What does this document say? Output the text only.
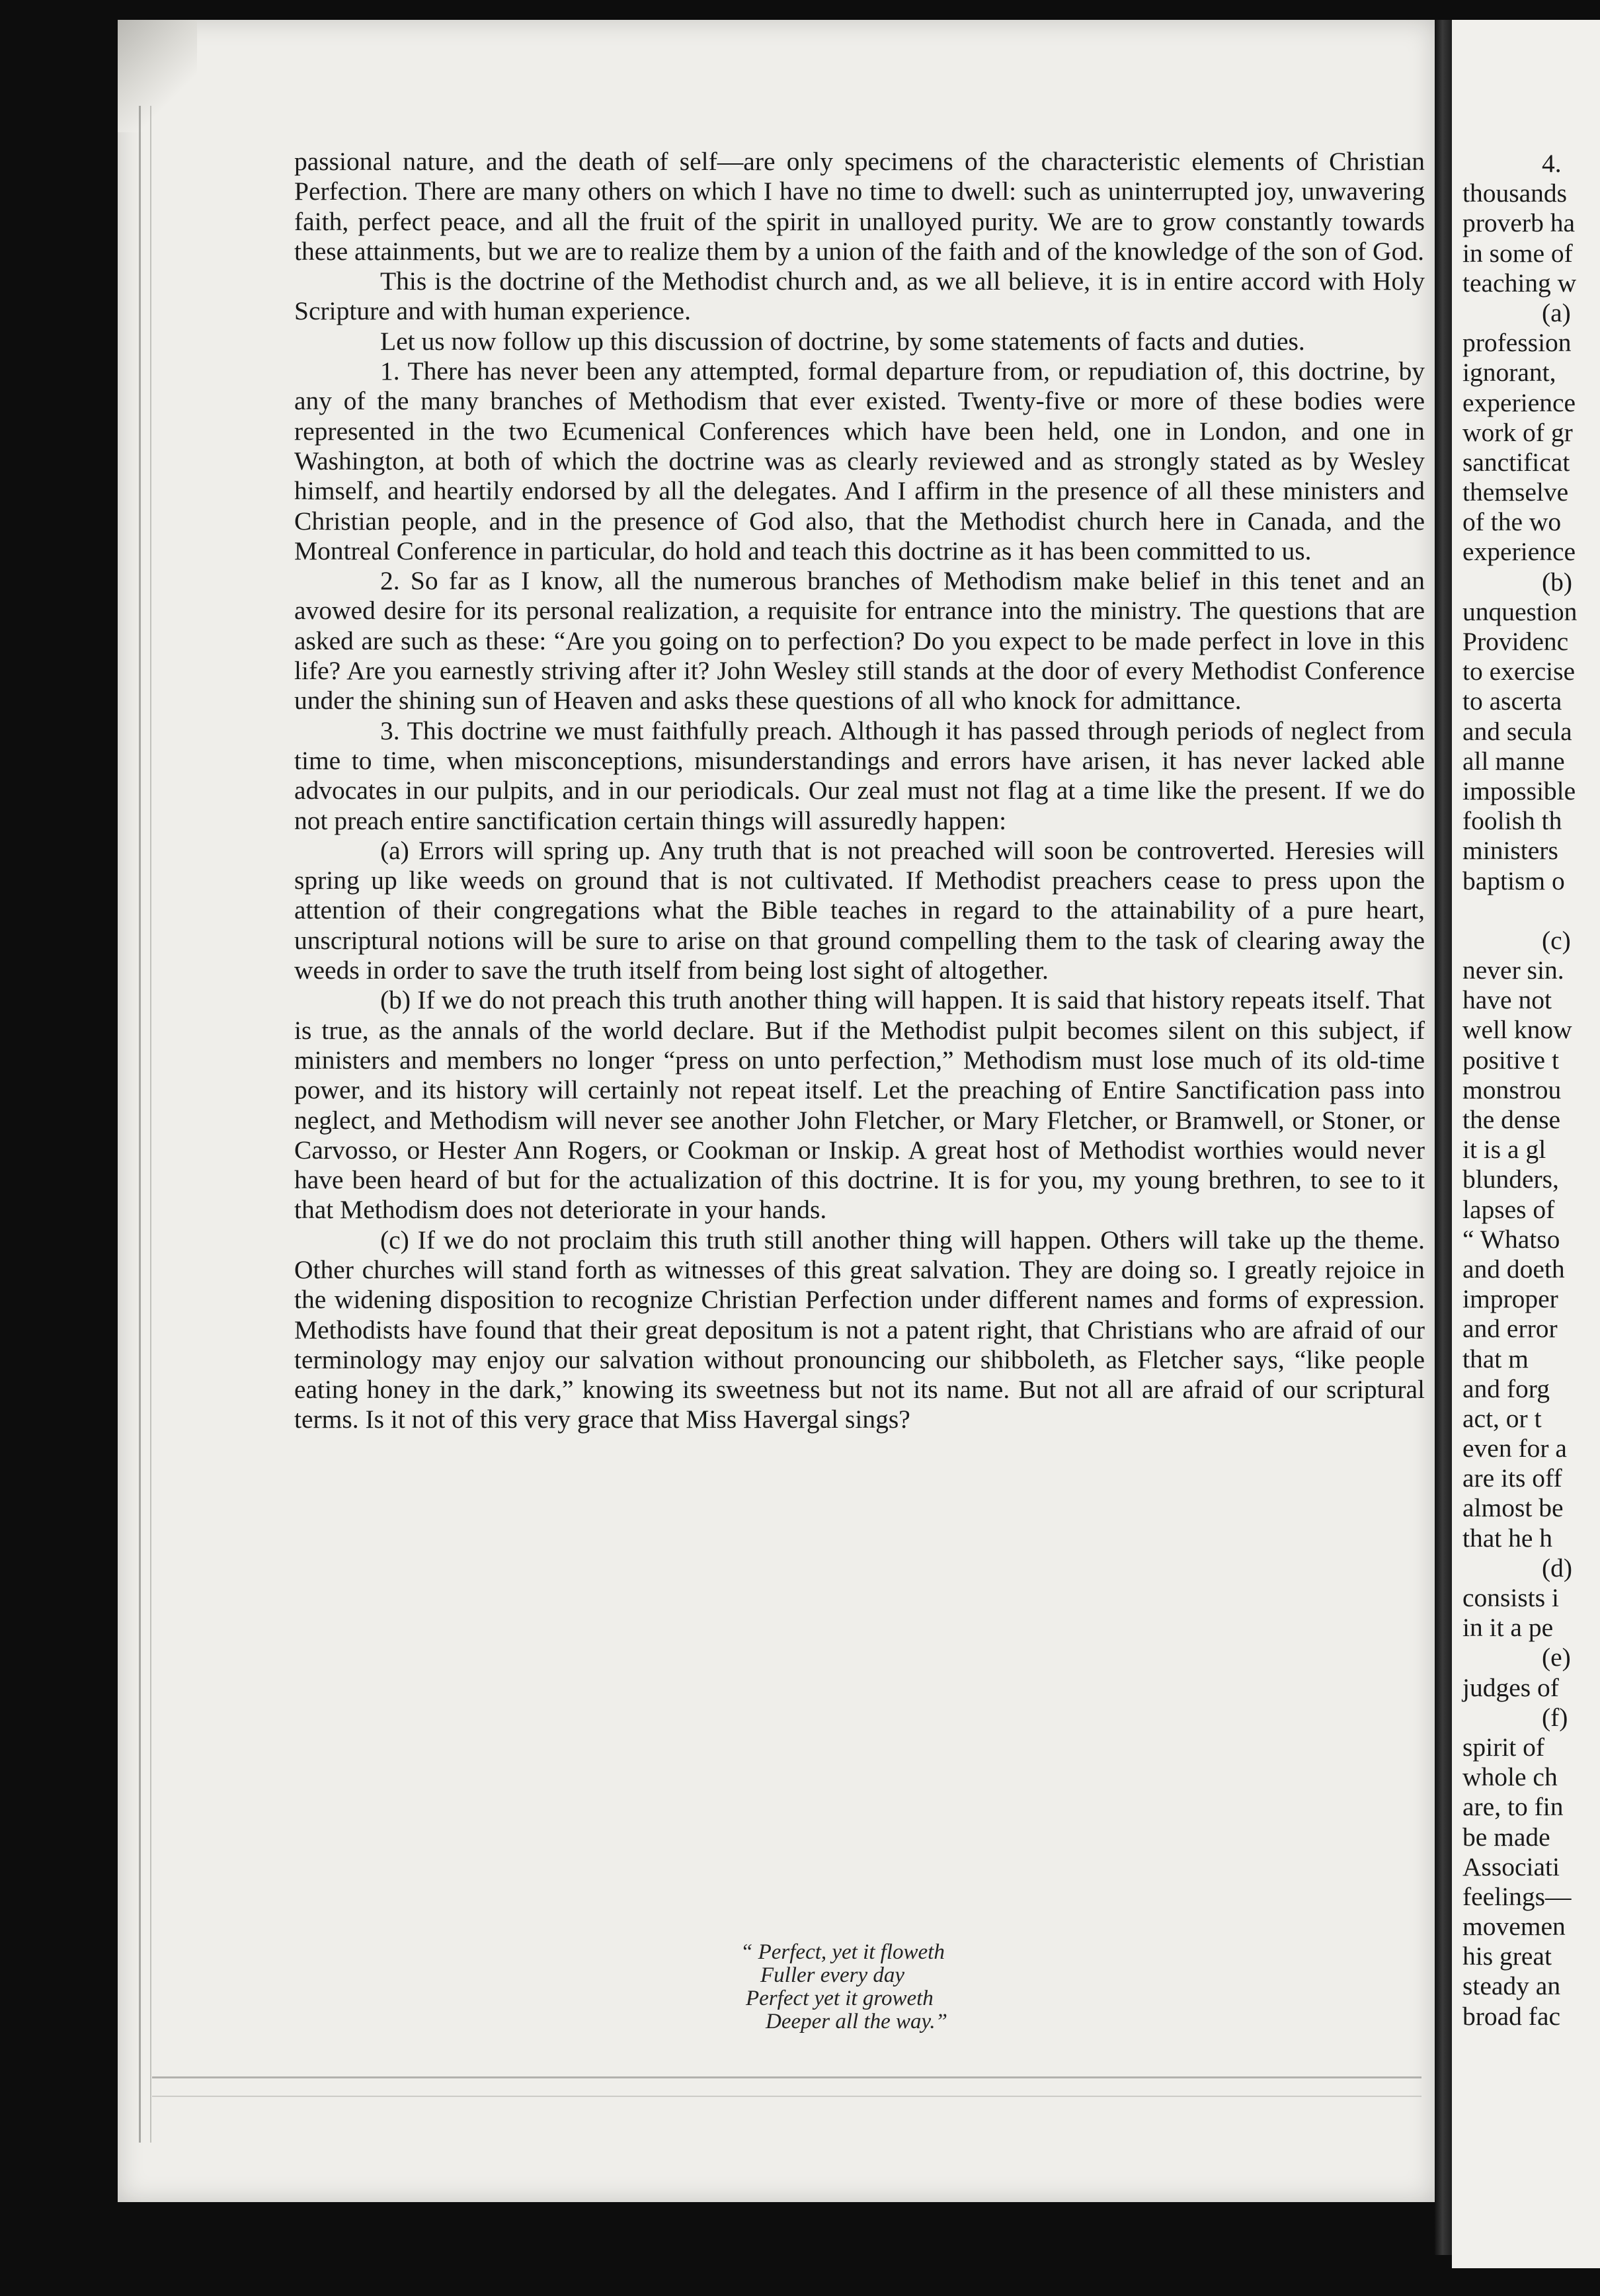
passional nature, and the death of self—are only specimens of the characteristic elements of Christian Perfection. There are many others on which I have no time to dwell: such as uninterrupted joy, unwavering faith, perfect peace, and all the fruit of the spirit in unalloyed purity. We are to grow constantly towards these attainments, but we are to realize them by a union of the faith and of the knowledge of the son of God.

This is the doctrine of the Methodist church and, as we all believe, it is in entire accord with Holy Scripture and with human experience.

Let us now follow up this discussion of doctrine, by some statements of facts and duties.

1. There has never been any attempted, formal departure from, or repudiation of, this doctrine, by any of the many branches of Methodism that ever existed. Twenty-five or more of these bodies were represented in the two Ecumenical Conferences which have been held, one in London, and one in Washington, at both of which the doctrine was as clearly reviewed and as strongly stated as by Wesley himself, and heartily endorsed by all the delegates. And I affirm in the presence of all these ministers and Christian people, and in the presence of God also, that the Methodist church here in Canada, and the Montreal Conference in particular, do hold and teach this doctrine as it has been committed to us.

2. So far as I know, all the numerous branches of Methodism make belief in this tenet and an avowed desire for its personal realization, a requisite for entrance into the ministry. The questions that are asked are such as these: “Are you going on to perfection? Do you expect to be made perfect in love in this life? Are you earnestly striving after it? John Wesley still stands at the door of every Methodist Conference under the shining sun of Heaven and asks these questions of all who knock for admittance.

3. This doctrine we must faithfully preach. Although it has passed through periods of neglect from time to time, when misconceptions, misunderstandings and errors have arisen, it has never lacked able advocates in our pulpits, and in our periodicals. Our zeal must not flag at a time like the present. If we do not preach entire sanctification certain things will assuredly happen:

(a) Errors will spring up. Any truth that is not preached will soon be controverted. Heresies will spring up like weeds on ground that is not cultivated. If Methodist preachers cease to press upon the attention of their congregations what the Bible teaches in regard to the attainability of a pure heart, unscriptural notions will be sure to arise on that ground compelling them to the task of clearing away the weeds in order to save the truth itself from being lost sight of altogether.

(b) If we do not preach this truth another thing will happen. It is said that history repeats itself. That is true, as the annals of the world declare. But if the Methodist pulpit becomes silent on this subject, if ministers and members no longer “press on unto perfection,” Methodism must lose much of its old-time power, and its history will certainly not repeat itself. Let the preaching of Entire Sanctification pass into neglect, and Methodism will never see another John Fletcher, or Mary Fletcher, or Bramwell, or Stoner, or Carvosso, or Hester Ann Rogers, or Cookman or Inskip. A great host of Methodist worthies would never have been heard of but for the actualization of this doctrine. It is for you, my young brethren, to see to it that Methodism does not deteriorate in your hands.

(c) If we do not proclaim this truth still another thing will happen. Others will take up the theme. Other churches will stand forth as witnesses of this great salvation. They are doing so. I greatly rejoice in the widening disposition to recognize Christian Perfection under different names and forms of expression. Methodists have found that their great depositum is not a patent right, that Christians who are afraid of our terminology may enjoy our salvation without pronouncing our shibboleth, as Fletcher says, “like people eating honey in the dark,” knowing its sweetness but not its name. But not all are afraid of our scriptural terms. Is it not of this very grace that Miss Havergal sings?

“ Perfect, yet it floweth
Fuller every day
Perfect yet it groweth
Deeper all the way.”
4.
thousands
proverb ha
in some of
teaching w
(a)
profession
ignorant,
experience
work of gr
sanctificat
themselve
of the wo
experience
(b)
unquestion
Providenc
to exercise
to ascerta
and secula
all manne
impossible
foolish th
ministers
baptism o
(c)
never sin.
have not
well know
positive t
monstrou
the dense
it is a gl
blunders,
lapses of
“ Whatso
and doeth
improper
and error
that m
and forg
act, or t
even for a
are its off
almost be
that he h
(d)
consists i
in it a pe
(e)
judges of
(f)
spirit of
whole ch
are, to fin
be made
Associati
feelings—
movemen
his great
steady an
broad fac
